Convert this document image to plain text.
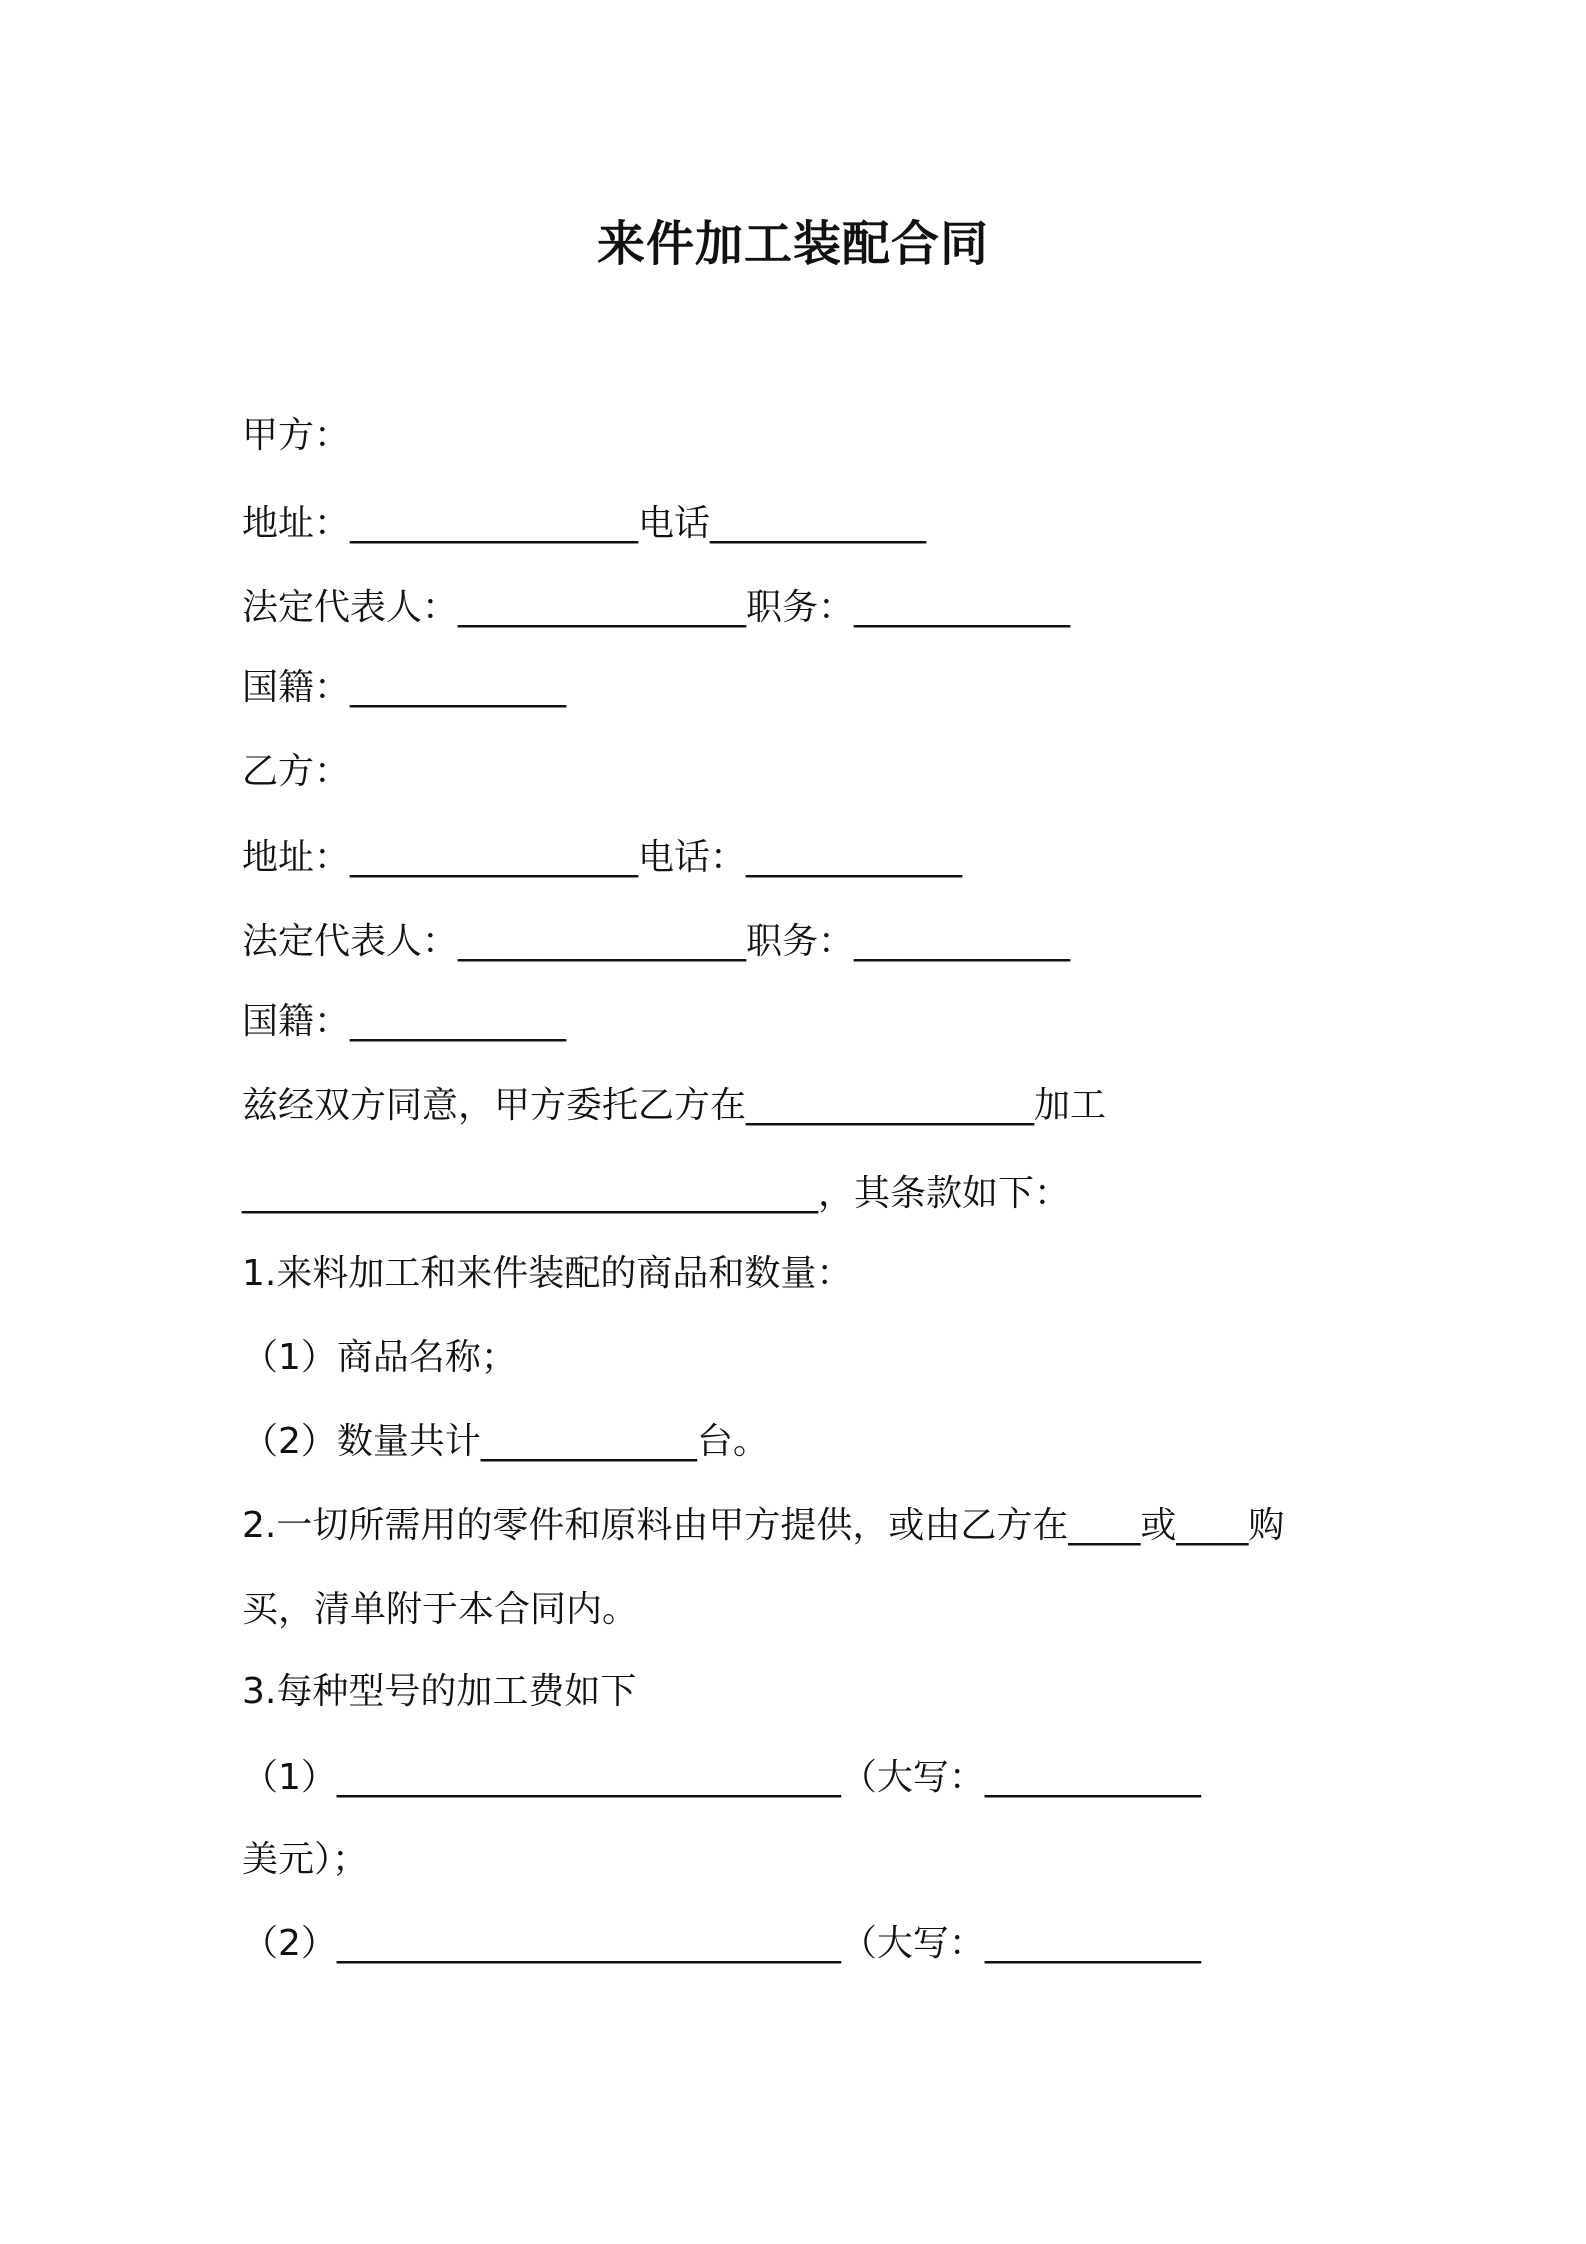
来件加工装配合同
甲方：
地址：________________电话____________
法定代表人：________________职务：____________
国籍：____________
乙方：
地址：________________电话：____________
法定代表人：________________职务：____________
国籍：____________
兹经双方同意，甲方委托乙方在________________加工
________________________________，其条款如下：
1.来料加工和来件装配的商品和数量：
（1）商品名称；
（2）数量共计____________台。
2.一切所需用的零件和原料由甲方提供，或由乙方在____或____购
买，清单附于本合同内。
3.每种型号的加工费如下
（1）____________________________（大写：____________
美元）；
（2）____________________________（大写：____________
